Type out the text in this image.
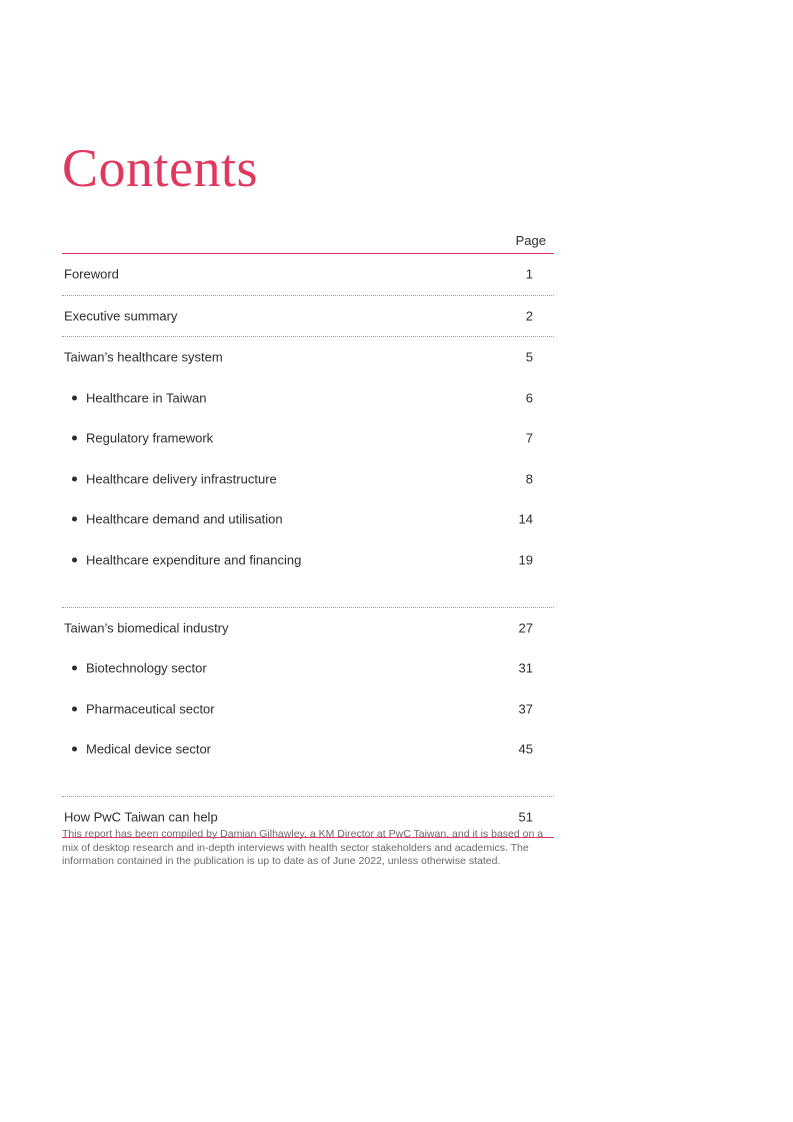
Contents
Page
Foreword	1
Executive summary	2
Taiwan’s healthcare system	5
Healthcare in Taiwan	6
Regulatory framework	7
Healthcare delivery infrastructure	8
Healthcare demand and utilisation	14
Healthcare expenditure and financing	19
Taiwan’s biomedical industry	27
Biotechnology sector	31
Pharmaceutical sector	37
Medical device sector	45
How PwC Taiwan can help	51

This report has been compiled by Damian Gilhawley, a KM Director at PwC Taiwan, and it is based on a mix of desktop research and in-depth interviews with health sector stakeholders and academics. The information contained in the publication is up to date as of June 2022, unless otherwise stated.
